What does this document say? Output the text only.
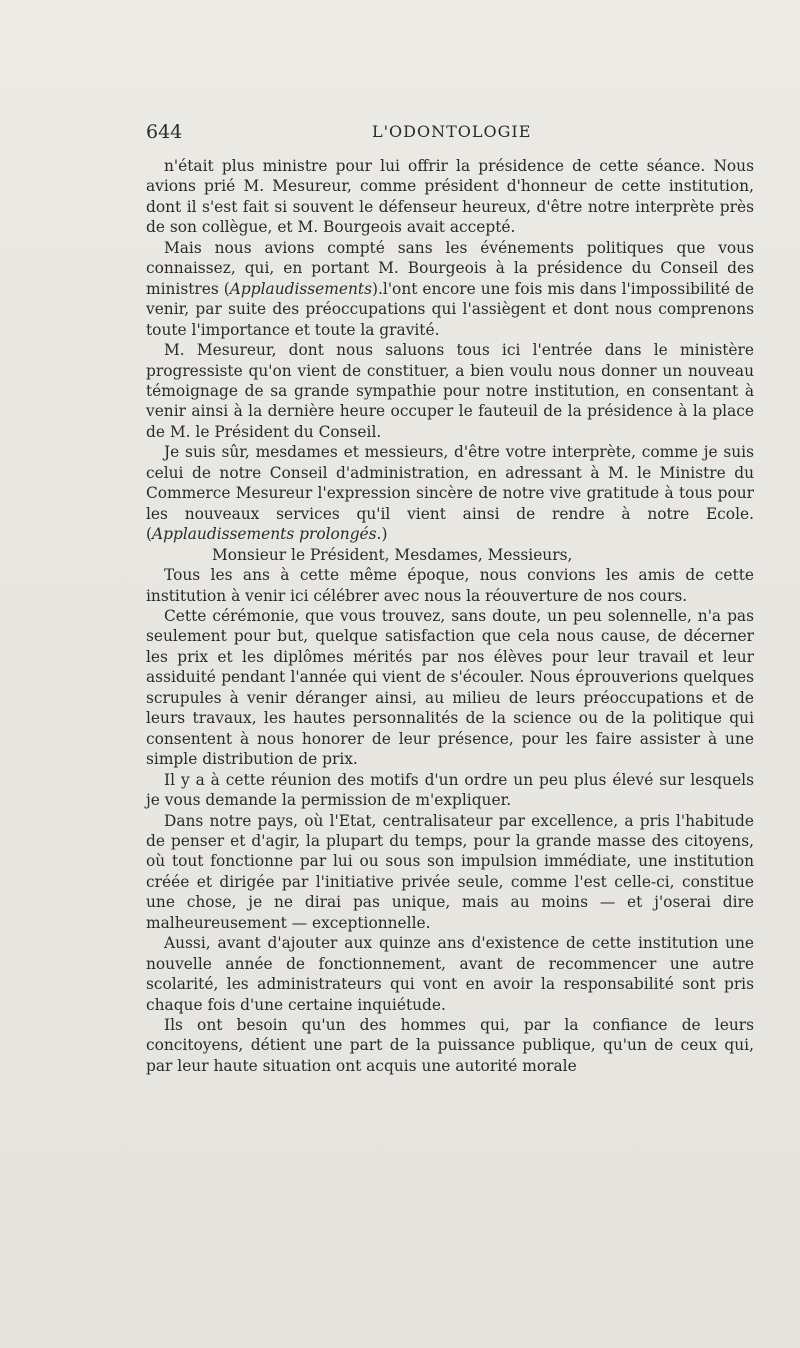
644	L'ODONTOLOGIE

n'était plus ministre pour lui offrir la présidence de cette séance. Nous avions prié M. Mesureur, comme président d'honneur de cette institution, dont il s'est fait si souvent le défenseur heureux, d'être notre interprète près de son collègue, et M. Bourgeois avait accepté.

Mais nous avions compté sans les événements politiques que vous connaissez, qui, en portant M. Bourgeois à la présidence du Conseil des ministres (Applaudissements).l'ont encore une fois mis dans l'impossibilité de venir, par suite des préoccupations qui l'assiègent et dont nous comprenons toute l'importance et toute la gravité.

M. Mesureur, dont nous saluons tous ici l'entrée dans le ministère progressiste qu'on vient de constituer, a bien voulu nous donner un nouveau témoignage de sa grande sympathie pour notre institution, en consentant à venir ainsi à la dernière heure occuper le fauteuil de la présidence à la place de M. le Président du Conseil.

Je suis sûr, mesdames et messieurs, d'être votre interprète, comme je suis celui de notre Conseil d'administration, en adressant à M. le Ministre du Commerce Mesureur l'expression sincère de notre vive gratitude à tous pour les nouveaux services qu'il vient ainsi de rendre à notre Ecole. (Applaudissements prolongés.)

Monsieur le Président, Mesdames, Messieurs,

Tous les ans à cette même époque, nous convions les amis de cette institution à venir ici célébrer avec nous la réouverture de nos cours.

Cette cérémonie, que vous trouvez, sans doute, un peu solennelle, n'a pas seulement pour but, quelque satisfaction que cela nous cause, de décerner les prix et les diplômes mérités par nos élèves pour leur travail et leur assiduité pendant l'année qui vient de s'écouler. Nous éprouverions quelques scrupules à venir déranger ainsi, au milieu de leurs préoccupations et de leurs travaux, les hautes personnalités de la science ou de la politique qui consentent à nous honorer de leur présence, pour les faire assister à une simple distribution de prix.

Il y a à cette réunion des motifs d'un ordre un peu plus élevé sur lesquels je vous demande la permission de m'expliquer.

Dans notre pays, où l'Etat, centralisateur par excellence, a pris l'habitude de penser et d'agir, la plupart du temps, pour la grande masse des citoyens, où tout fonctionne par lui ou sous son impulsion immédiate, une institution créée et dirigée par l'initiative privée seule, comme l'est celle-ci, constitue une chose, je ne dirai pas unique, mais au moins — et j'oserai dire malheureusement — exceptionnelle.

Aussi, avant d'ajouter aux quinze ans d'existence de cette institution une nouvelle année de fonctionnement, avant de recommencer une autre scolarité, les administrateurs qui vont en avoir la responsabilité sont pris chaque fois d'une certaine inquiétude.

Ils ont besoin qu'un des hommes qui, par la confiance de leurs concitoyens, détient une part de la puissance publique, qu'un de ceux qui, par leur haute situation ont acquis une autorité morale
